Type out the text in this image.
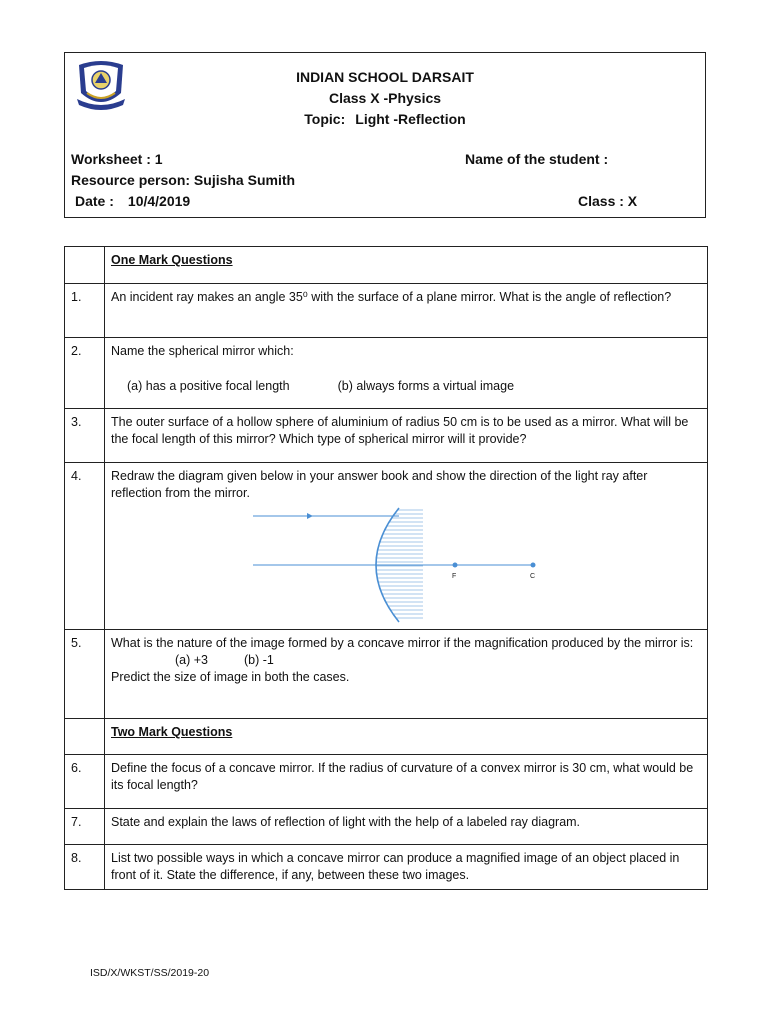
INDIAN SCHOOL DARSAIT
Class X -Physics
Topic: Light -Reflection
Worksheet : 1	Name of the student :
Resource person: Sujisha Sumith
Date : 10/4/2019	Class : X
	One Mark Questions
1.	An incident ray makes an angle 35⁰ with the surface of a plane mirror. What is the angle of reflection?
2.	Name the spherical mirror which:
(a) has a positive focal length (b) always forms a virtual image

3.	The outer surface of a hollow sphere of aluminium of radius 50 cm is to be used as a mirror. What will be the focal length of this mirror? Which type of spherical mirror will it provide?
4.	Redraw the diagram given below in your answer book and show the direction of the light ray after reflection from the mirror.
F C

5.	What is the nature of the image formed by a concave mirror if the magnification produced by the mirror is:
(a) +3 (b) -1
Predict the size of image in both the cases.

	Two Mark Questions
6.	Define the focus of a concave mirror. If the radius of curvature of a convex mirror is 30 cm, what would be its focal length?
7.	State and explain the laws of reflection of light with the help of a labeled ray diagram.
8.	List two possible ways in which a concave mirror can produce a magnified image of an object placed in front of it. State the difference, if any, between these two images.
ISD/X/WKST/SS/2019-20
